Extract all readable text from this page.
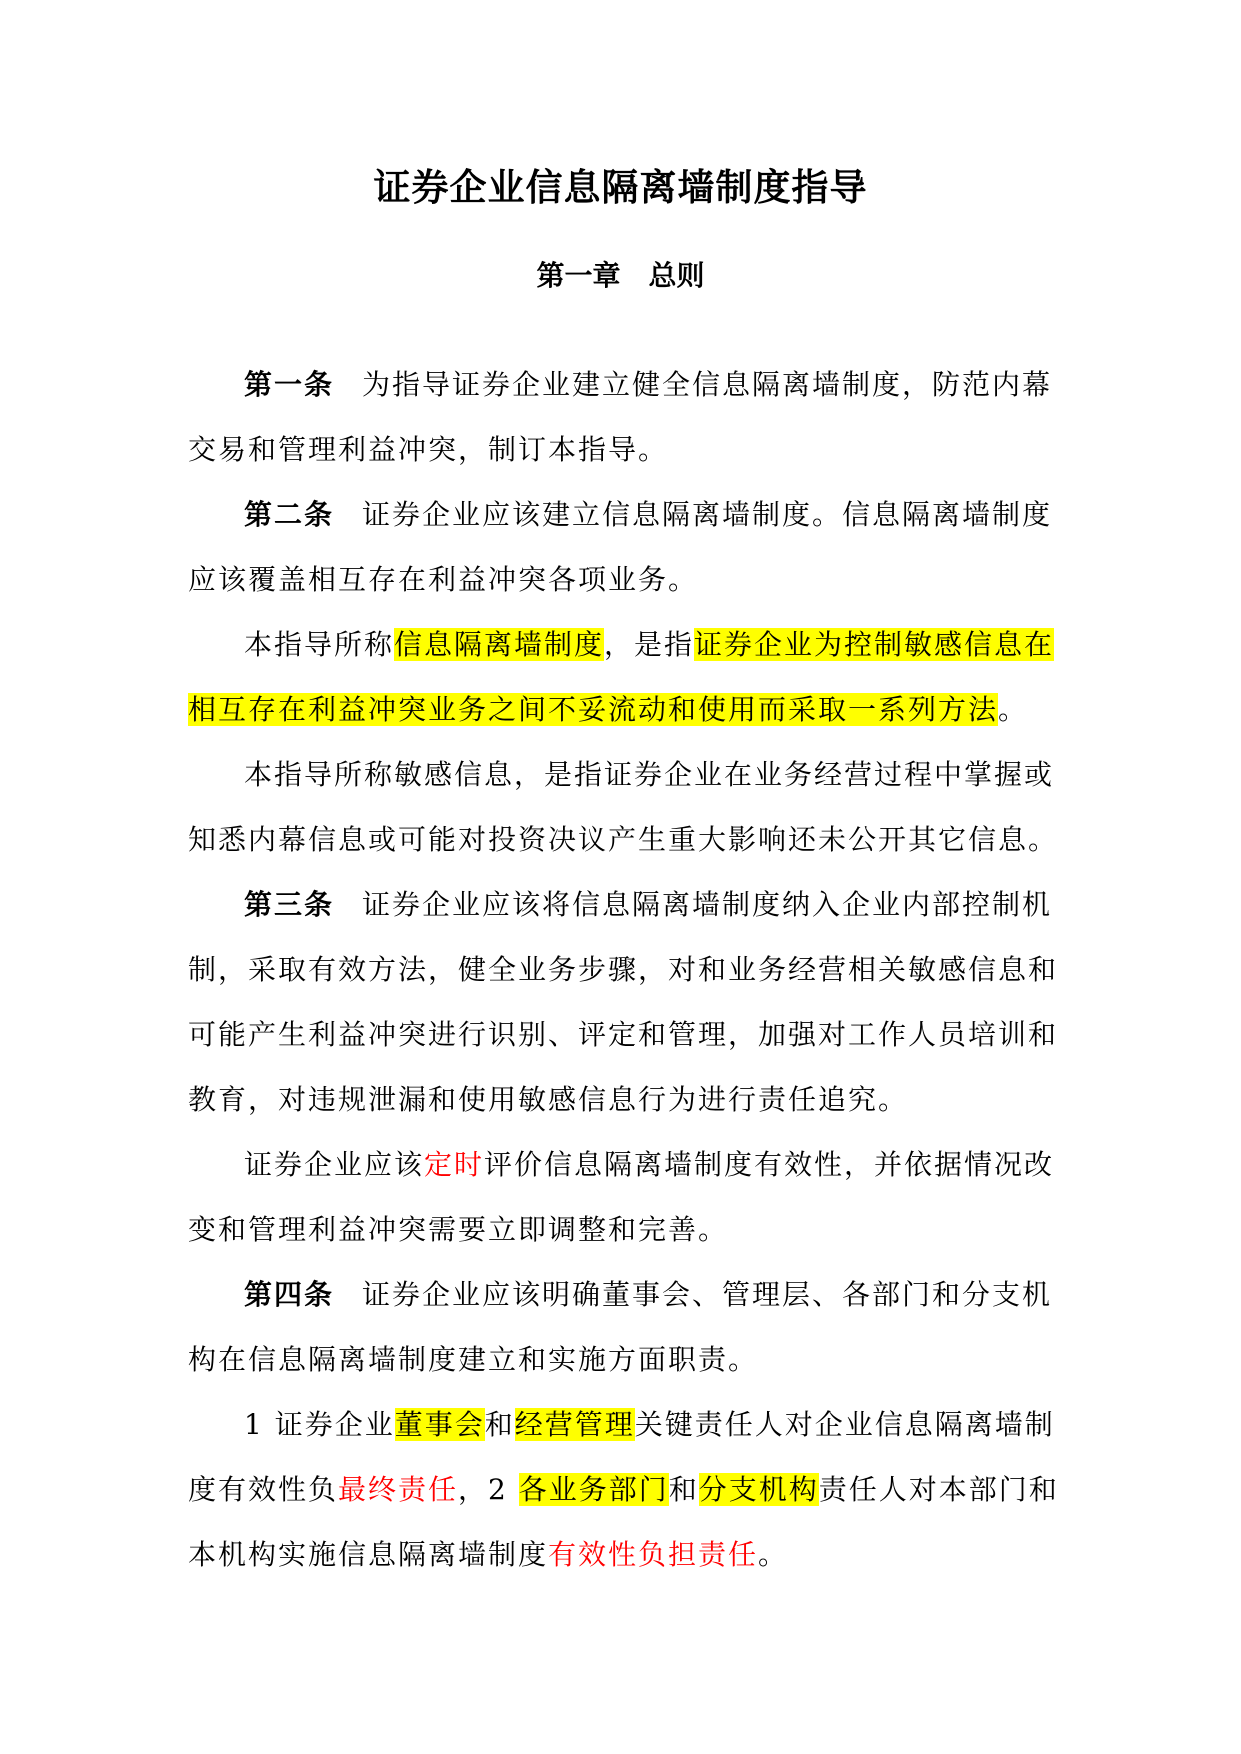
证券企业信息隔离墙制度指导
第一章　总则

第一条 为指导证券企业建立健全信息隔离墙制度，防范内幕交易和管理利益冲突，制订本指导。

第二条 证券企业应该建立信息隔离墙制度。信息隔离墙制度应该覆盖相互存在利益冲突各项业务。

本指导所称信息隔离墙制度，是指证券企业为控制敏感信息在相互存在利益冲突业务之间不妥流动和使用而采取一系列方法。

本指导所称敏感信息，是指证券企业在业务经营过程中掌握或知悉内幕信息或可能对投资决议产生重大影响还未公开其它信息。

第三条 证券企业应该将信息隔离墙制度纳入企业内部控制机制，采取有效方法，健全业务步骤，对和业务经营相关敏感信息和可能产生利益冲突进行识别、评定和管理，加强对工作人员培训和教育，对违规泄漏和使用敏感信息行为进行责任追究。

证券企业应该定时评价信息隔离墙制度有效性，并依据情况改变和管理利益冲突需要立即调整和完善。

第四条 证券企业应该明确董事会、管理层、各部门和分支机构在信息隔离墙制度建立和实施方面职责。

1 证券企业董事会和经营管理关键责任人对企业信息隔离墙制度有效性负最终责任，2 各业务部门和分支机构责任人对本部门和本机构实施信息隔离墙制度有效性负担责任。
